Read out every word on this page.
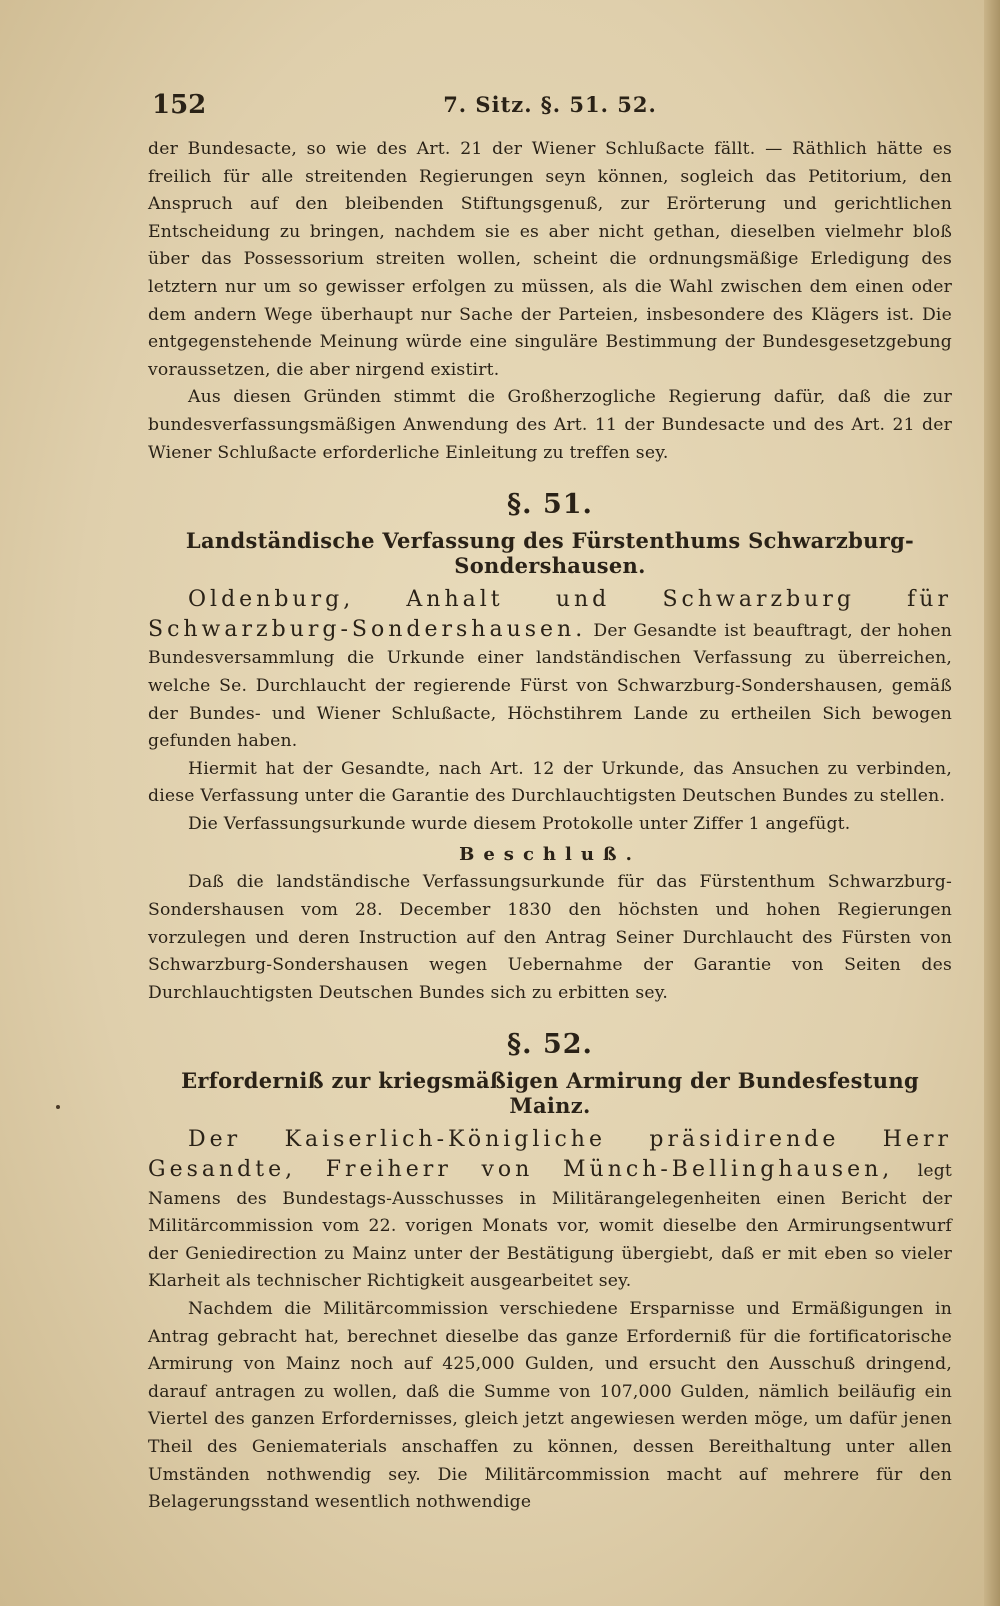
152	7. Sitz. §. 51. 52.

der Bundesacte, so wie des Art. 21 der Wiener Schlußacte fällt. — Räthlich hätte es freilich für alle streitenden Regierungen seyn können, sogleich das Petitorium, den Anspruch auf den bleibenden Stiftungsgenuß, zur Erörterung und gerichtlichen Entscheidung zu bringen, nachdem sie es aber nicht gethan, dieselben vielmehr bloß über das Possessorium streiten wollen, scheint die ordnungsmäßige Erledigung des letztern nur um so gewisser erfolgen zu müssen, als die Wahl zwischen dem einen oder dem andern Wege überhaupt nur Sache der Parteien, insbesondere des Klägers ist. Die entgegenstehende Meinung würde eine singuläre Bestimmung der Bundesgesetzgebung voraussetzen, die aber nirgend existirt.

Aus diesen Gründen stimmt die Großherzogliche Regierung dafür, daß die zur bundesverfassungsmäßigen Anwendung des Art. 11 der Bundesacte und des Art. 21 der Wiener Schlußacte erforderliche Einleitung zu treffen sey.

§. 51.
Landständische Verfassung des Fürstenthums Schwarzburg-Sondershausen.

Oldenburg, Anhalt und Schwarzburg für Schwarzburg-Sondershausen. Der Gesandte ist beauftragt, der hohen Bundesversammlung die Urkunde einer landständischen Verfassung zu überreichen, welche Se. Durchlaucht der regierende Fürst von Schwarzburg-Sondershausen, gemäß der Bundes- und Wiener Schlußacte, Höchstihrem Lande zu ertheilen Sich bewogen gefunden haben.

Hiermit hat der Gesandte, nach Art. 12 der Urkunde, das Ansuchen zu verbinden, diese Verfassung unter die Garantie des Durchlauchtigsten Deutschen Bundes zu stellen.

Die Verfassungsurkunde wurde diesem Protokolle unter Ziffer 1 angefügt.

Beschluß.

Daß die landständische Verfassungsurkunde für das Fürstenthum Schwarzburg-Sondershausen vom 28. December 1830 den höchsten und hohen Regierungen vorzulegen und deren Instruction auf den Antrag Seiner Durchlaucht des Fürsten von Schwarzburg-Sondershausen wegen Uebernahme der Garantie von Seiten des Durchlauchtigsten Deutschen Bundes sich zu erbitten sey.

§. 52.
Erforderniß zur kriegsmäßigen Armirung der Bundesfestung Mainz.

Der Kaiserlich-Königliche präsidirende Herr Gesandte, Freiherr von Münch-Bellinghausen, legt Namens des Bundestags-Ausschusses in Militärangelegenheiten einen Bericht der Militärcommission vom 22. vorigen Monats vor, womit dieselbe den Armirungsentwurf der Geniedirection zu Mainz unter der Bestätigung übergiebt, daß er mit eben so vieler Klarheit als technischer Richtigkeit ausgearbeitet sey.

Nachdem die Militärcommission verschiedene Ersparnisse und Ermäßigungen in Antrag gebracht hat, berechnet dieselbe das ganze Erforderniß für die fortificatorische Armirung von Mainz noch auf 425,000 Gulden, und ersucht den Ausschuß dringend, darauf antragen zu wollen, daß die Summe von 107,000 Gulden, nämlich beiläufig ein Viertel des ganzen Erfordernisses, gleich jetzt angewiesen werden möge, um dafür jenen Theil des Geniematerials anschaffen zu können, dessen Bereithaltung unter allen Umständen nothwendig sey. Die Militärcommission macht auf mehrere für den Belagerungsstand wesentlich nothwendige
